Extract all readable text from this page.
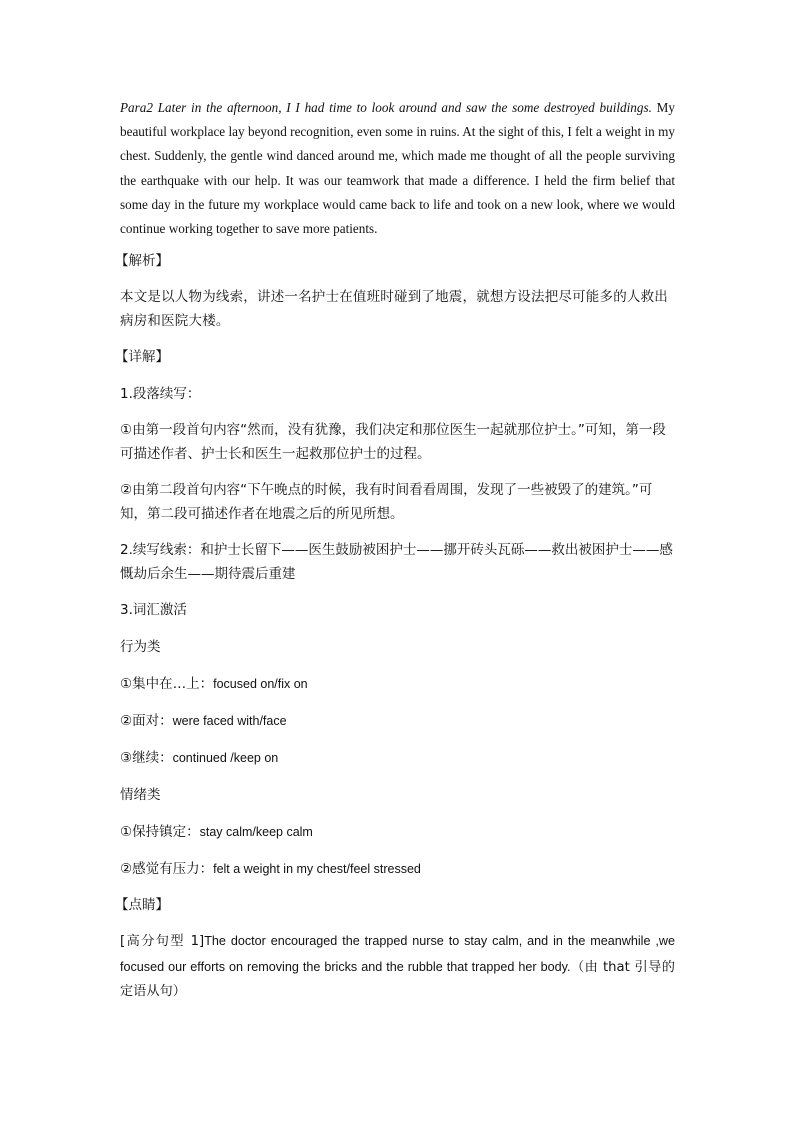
Para2 Later in the afternoon, I I had time to look around and saw the some destroyed buildings. My beautiful workplace lay beyond recognition, even some in ruins. At the sight of this, I felt a weight in my chest. Suddenly, the gentle wind danced around me, which made me thought of all the people surviving the earthquake with our help. It was our teamwork that made a difference. I held the firm belief that some day in the future my workplace would came back to life and took on a new look, where we would continue working together to save more patients.

【解析】

本文是以人物为线索，讲述一名护士在值班时碰到了地震，就想方设法把尽可能多的人救出病房和医院大楼。

【详解】

1.段落续写：

①由第一段首句内容“然而，没有犹豫，我们决定和那位医生一起就那位护士。”可知，第一段可描述作者、护士长和医生一起救那位护士的过程。

②由第二段首句内容“下午晚点的时候，我有时间看看周围，发现了一些被毁了的建筑。”可知，第二段可描述作者在地震之后的所见所想。

2.续写线索：和护士长留下——医生鼓励被困护士——挪开砖头瓦砾——救出被困护士——感慨劫后余生——期待震后重建

3.词汇激活

行为类

①集中在…上：focused on/fix on

②面对：were faced with/face

③继续：continued /keep on

情绪类

①保持镇定：stay calm/keep calm

②感觉有压力：felt a weight in my chest/feel stressed

【点睛】

[高分句型 1]The doctor encouraged the trapped nurse to stay calm, and in the meanwhile ,we focused our efforts on removing the bricks and the rubble that trapped her body.（由 that 引导的定语从句）
